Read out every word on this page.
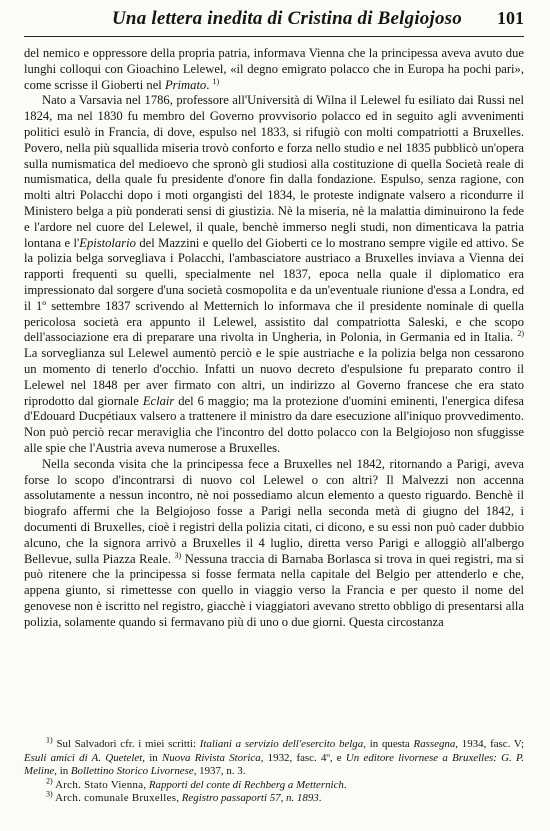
Una lettera inedita di Cristina di Belgiojoso 101

del nemico e oppressore della propria patria, informava Vienna che la principessa aveva avuto due lunghi colloqui con Gioachino Lelewel, «il degno emigrato polacco che in Europa ha pochi pari», come scrisse il Gioberti nel Primato. $^{1)}$

Nato a Varsavia nel 1786, professore all'Università di Wilna il Lelewel fu esiliato dai Russi nel 1824, ma nel 1830 fu membro del Governo provvisorio polacco ed in seguito agli avvenimenti politici esulò in Francia, di dove, espulso nel 1833, si rifugiò con molti compatriotti a Bruxelles. Povero, nella più squallida miseria trovò conforto e forza nello studio e nel 1835 pubblicò un'opera sulla numismatica del medioevo che spronò gli studiosi alla costituzione di quella Società reale di numismatica, della quale fu presidente d'onore fin dalla fondazione. Espulso, senza ragione, con molti altri Polacchi dopo i moti organgisti del 1834, le proteste indignate valsero a ricondurre il Ministero belga a più ponderati sensi di giustizia. Nè la miseria, nè la malattia diminuirono la fede e l'ardore nel cuore del Lelewel, il quale, benchè immerso negli studi, non dimenticava la patria lontana e l'Epistolario del Mazzini e quello del Gioberti ce lo mostrano sempre vigile ed attivo. Se la polizia belga sorvegliava i Polacchi, l'ambasciatore austriaco a Bruxelles inviava a Vienna dei rapporti frequenti su quelli, specialmente nel 1837, epoca nella quale il diplomatico era impressionato dal sorgere d'una società cosmopolita e da un'eventuale riunione d'essa a Londra, ed il 1º settembre 1837 scrivendo al Metternich lo informava che il presidente nominale di quella pericolosa società era appunto il Lelewel, assistito dal compatriotta Saleski, e che scopo dell'associazione era di preparare una rivolta in Ungheria, in Polonia, in Germania ed in Italia. $^{2)}$ La sorveglianza sul Lelewel aumentò perciò e le spie austriache e la polizia belga non cessarono un momento di tenerlo d'occhio. Infatti un nuovo decreto d'espulsione fu preparato contro il Lelewel nel 1848 per aver firmato con altri, un indirizzo al Governo francese che era stato riprodotto dal giornale Eclair del 6 maggio; ma la protezione d'uomini eminenti, l'energica difesa d'Edouard Ducpétiaux valsero a trattenere il ministro da dare esecuzione all'iniquo provvedimento. Non può perciò recar meraviglia che l'incontro del dotto polacco con la Belgiojoso non sfuggisse alle spie che l'Austria aveva numerose a Bruxelles.

Nella seconda visita che la principessa fece a Bruxelles nel 1842, ritornando a Parigi, aveva forse lo scopo d'incontrarsi di nuovo col Lelewel o con altri? Il Malvezzi non accenna assolutamente a nessun incontro, nè noi possediamo alcun elemento a questo riguardo. Benchè il biografo affermi che la Belgiojoso fosse a Parigi nella seconda metà di giugno del 1842, i documenti di Bruxelles, cioè i registri della polizia citati, ci dicono, e su essi non può cader dubbio alcuno, che la signora arrivò a Bruxelles il 4 luglio, diretta verso Parigi e alloggiò all'albergo Bellevue, sulla Piazza Reale. $^{3)}$ Nessuna traccia di Barnaba Borlasca si trova in quei registri, ma si può ritenere che la principessa si fosse fermata nella capitale del Belgio per attenderlo e che, appena giunto, si rimettesse con quello in viaggio verso la Francia e per questo il nome del genovese non è iscritto nel registro, giacchè i viaggiatori avevano stretto obbligo di presentarsi alla polizia, solamente quando si fermavano più di uno o due giorni. Questa circostanza

$^{1)}$ Sul Salvadori cfr. i miei scritti: Italiani a servizio dell'esercito belga, in questa Rassegna, 1934, fasc. V; Esuli amici di A. Quetelet, in Nuova Rivista Storica, 1932, fasc. 4º, e Un editore livornese a Bruxelles: G. P. Meline, in Bollettino Storico Livornese, 1937, n. 3.

$^{2)}$ Arch. Stato Vienna, Rapporti del conte di Rechberg a Metternich.

$^{3)}$ Arch. comunale Bruxelles, Registro passaporti 57, n. 1893.
